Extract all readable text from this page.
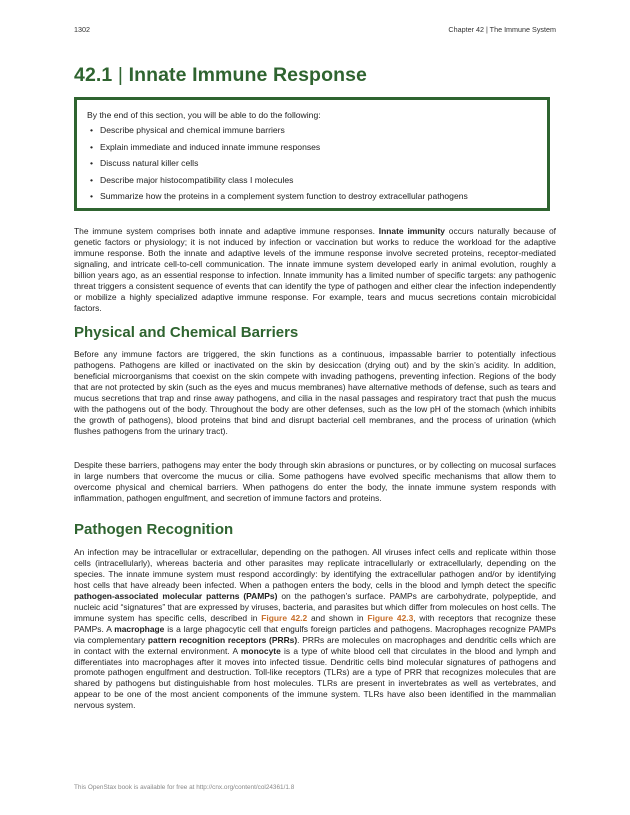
1302	Chapter 42 | The Immune System
42.1 | Innate Immune Response

By the end of this section, you will be able to do the following:

• Describe physical and chemical immune barriers
• Explain immediate and induced innate immune responses
• Discuss natural killer cells
• Describe major histocompatibility class I molecules
• Summarize how the proteins in a complement system function to destroy extracellular pathogens

The immune system comprises both innate and adaptive immune responses. Innate immunity occurs naturally because of genetic factors or physiology; it is not induced by infection or vaccination but works to reduce the workload for the adaptive immune response. Both the innate and adaptive levels of the immune response involve secreted proteins, receptor-mediated signaling, and intricate cell-to-cell communication. The innate immune system developed early in animal evolution, roughly a billion years ago, as an essential response to infection. Innate immunity has a limited number of specific targets: any pathogenic threat triggers a consistent sequence of events that can identify the type of pathogen and either clear the infection independently or mobilize a highly specialized adaptive immune response. For example, tears and mucus secretions contain microbicidal factors.

Physical and Chemical Barriers

Before any immune factors are triggered, the skin functions as a continuous, impassable barrier to potentially infectious pathogens. Pathogens are killed or inactivated on the skin by desiccation (drying out) and by the skin’s acidity. In addition, beneficial microorganisms that coexist on the skin compete with invading pathogens, preventing infection. Regions of the body that are not protected by skin (such as the eyes and mucus membranes) have alternative methods of defense, such as tears and mucus secretions that trap and rinse away pathogens, and cilia in the nasal passages and respiratory tract that push the mucus with the pathogens out of the body. Throughout the body are other defenses, such as the low pH of the stomach (which inhibits the growth of pathogens), blood proteins that bind and disrupt bacterial cell membranes, and the process of urination (which flushes pathogens from the urinary tract).

Despite these barriers, pathogens may enter the body through skin abrasions or punctures, or by collecting on mucosal surfaces in large numbers that overcome the mucus or cilia. Some pathogens have evolved specific mechanisms that allow them to overcome physical and chemical barriers. When pathogens do enter the body, the innate immune system responds with inflammation, pathogen engulfment, and secretion of immune factors and proteins.

Pathogen Recognition

An infection may be intracellular or extracellular, depending on the pathogen. All viruses infect cells and replicate within those cells (intracellularly), whereas bacteria and other parasites may replicate intracellularly or extracellularly, depending on the species. The innate immune system must respond accordingly: by identifying the extracellular pathogen and/or by identifying host cells that have already been infected. When a pathogen enters the body, cells in the blood and lymph detect the specific pathogen-associated molecular patterns (PAMPs) on the pathogen’s surface. PAMPs are carbohydrate, polypeptide, and nucleic acid “signatures” that are expressed by viruses, bacteria, and parasites but which differ from molecules on host cells. The immune system has specific cells, described in Figure 42.2 and shown in Figure 42.3, with receptors that recognize these PAMPs. A macrophage is a large phagocytic cell that engulfs foreign particles and pathogens. Macrophages recognize PAMPs via complementary pattern recognition receptors (PRRs). PRRs are molecules on macrophages and dendritic cells which are in contact with the external environment. A monocyte is a type of white blood cell that circulates in the blood and lymph and differentiates into macrophages after it moves into infected tissue. Dendritic cells bind molecular signatures of pathogens and promote pathogen engulfment and destruction. Toll-like receptors (TLRs) are a type of PRR that recognizes molecules that are shared by pathogens but distinguishable from host molecules. TLRs are present in invertebrates as well as vertebrates, and appear to be one of the most ancient components of the immune system. TLRs have also been identified in the mammalian nervous system.

This OpenStax book is available for free at http://cnx.org/content/col24361/1.8
